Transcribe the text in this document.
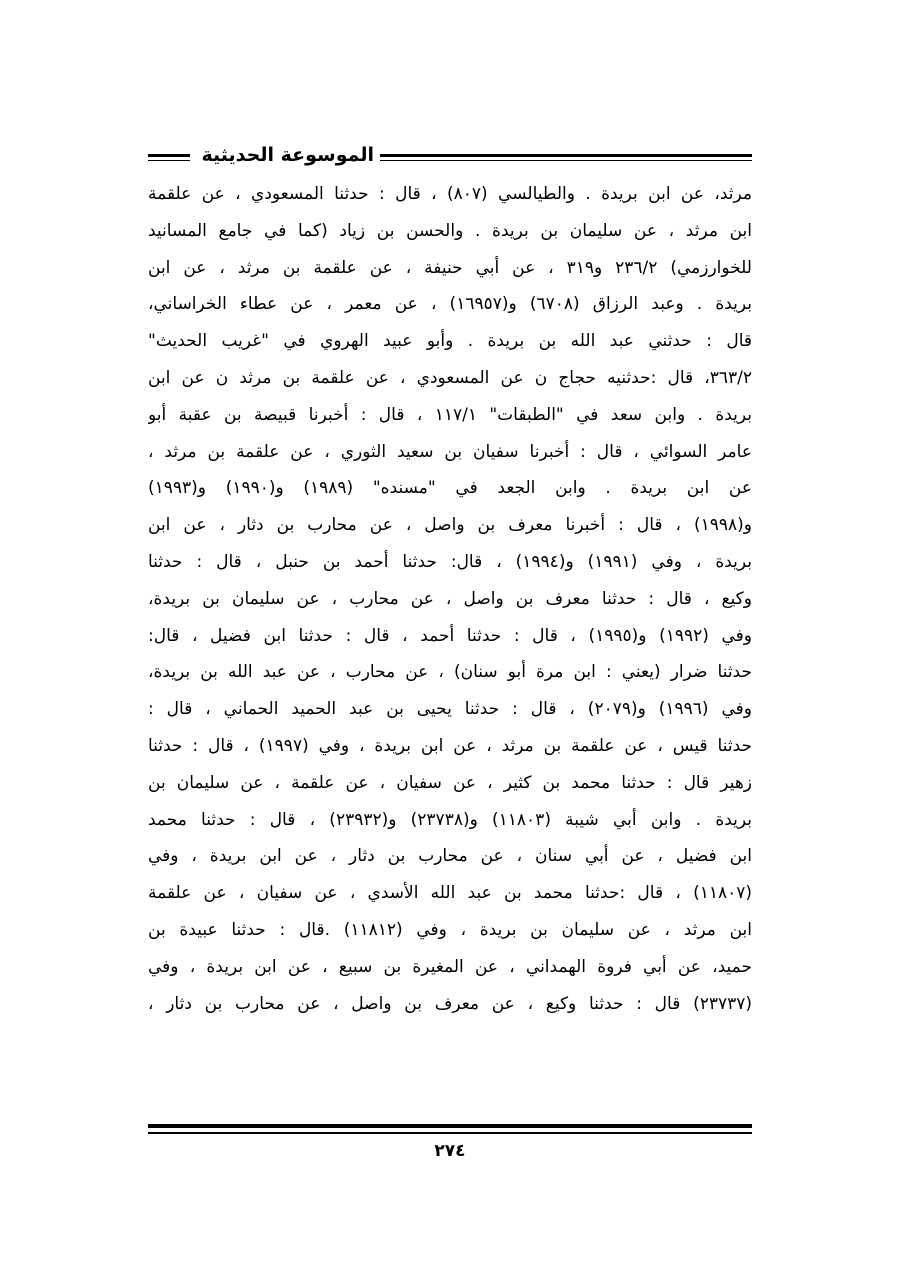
الموسوعة الحديثية
مرثد، عن ابن بريدة . والطيالسي (٨٠٧) ، قال : حدثنا المسعودي ، عن علقمة
ابن مرثد ، عن سليمان بن بريدة . والحسن بن زياد (كما في جامع المسانيد
للخوارزمي) ٢٣٦/٢ و٣١٩ ، عن أبي حنيفة ، عن علقمة بن مرثد ، عن ابن
بريدة . وعبد الرزاق (٦٧٠٨) و(١٦٩٥٧) ، عن معمر ، عن عطاء الخراساني،
قال : حدثني عبد الله بن بريدة . وأبو عبيد الهروي في "غريب الحديث"
٣٦٣/٢، قال :حدثنيه حجاج ن عن المسعودي ، عن علقمة بن مرثد ن عن ابن
بريدة . وابن سعد في "الطبقات" ١١٧/١ ، قال : أخبرنا قبيصة بن عقبة أبو
عامر السوائي ، قال : أخبرنا سفيان بن سعيد الثوري ، عن علقمة بن مرثد ،
عن ابن بريدة . وابن الجعد في "مسنده" (١٩٨٩) و(١٩٩٠) و(١٩٩٣)
و(١٩٩٨) ، قال : أخبرنا معرف بن واصل ، عن محارب بن دثار ، عن ابن
بريدة ، وفي (١٩٩١) و(١٩٩٤) ، قال: حدثنا أحمد بن حنبل ، قال : حدثنا
وكيع ، قال : حدثنا معرف بن واصل ، عن محارب ، عن سليمان بن بريدة،
وفي (١٩٩٢) و(١٩٩٥) ، قال : حدثنا أحمد ، قال : حدثنا ابن فضيل ، قال:
حدثنا ضرار (يعني : ابن مرة أبو سنان) ، عن محارب ، عن عبد الله بن بريدة،
وفي (١٩٩٦) و(٢٠٧٩) ، قال : حدثنا يحيى بن عبد الحميد الحماني ، قال :
حدثنا قيس ، عن علقمة بن مرثد ، عن ابن بريدة ، وفي (١٩٩٧) ، قال : حدثنا
زهير قال : حدثنا محمد بن كثير ، عن سفيان ، عن علقمة ، عن سليمان بن
بريدة . وابن أبي شيبة (١١٨٠٣) و(٢٣٧٣٨) و(٢٣٩٣٢) ، قال : حدثنا محمد
ابن فضيل ، عن أبي سنان ، عن محارب بن دثار ، عن ابن بريدة ، وفي
(١١٨٠٧) ، قال :حدثنا محمد بن عبد الله الأسدي ، عن سفيان ، عن علقمة
ابن مرثد ، عن سليمان بن بريدة ، وفي (١١٨١٢) .قال : حدثنا عبيدة بن
حميد، عن أبي فروة الهمداني ، عن المغيرة بن سبيع ، عن ابن بريدة ، وفي
(٢٣٧٣٧) قال : حدثنا وكيع ، عن معرف بن واصل ، عن محارب بن دثار ،
٢٧٤
